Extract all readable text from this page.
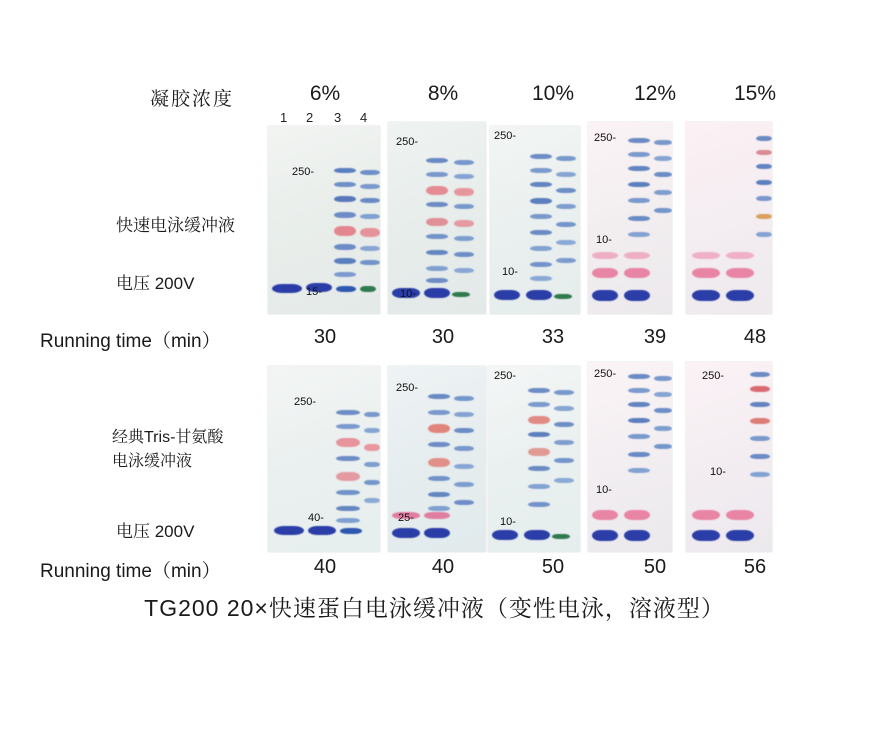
凝胶浓度	6%	8%	10%	12%	15%
1 2 3 4
快速电泳缓冲液
电压 200V
250-
15-
250-
10-
250-
10-
250-
10-
Running time（min）	30	30	33	39	48
经典Tris-甘氨酸
电泳缓冲液
电压 200V
250-
40-
250-
25-
250-
10-
250-
10-
250-
10-
Running time（min）	40	40	50	50	56
TG200 20×快速蛋白电泳缓冲液（变性电泳，溶液型）
